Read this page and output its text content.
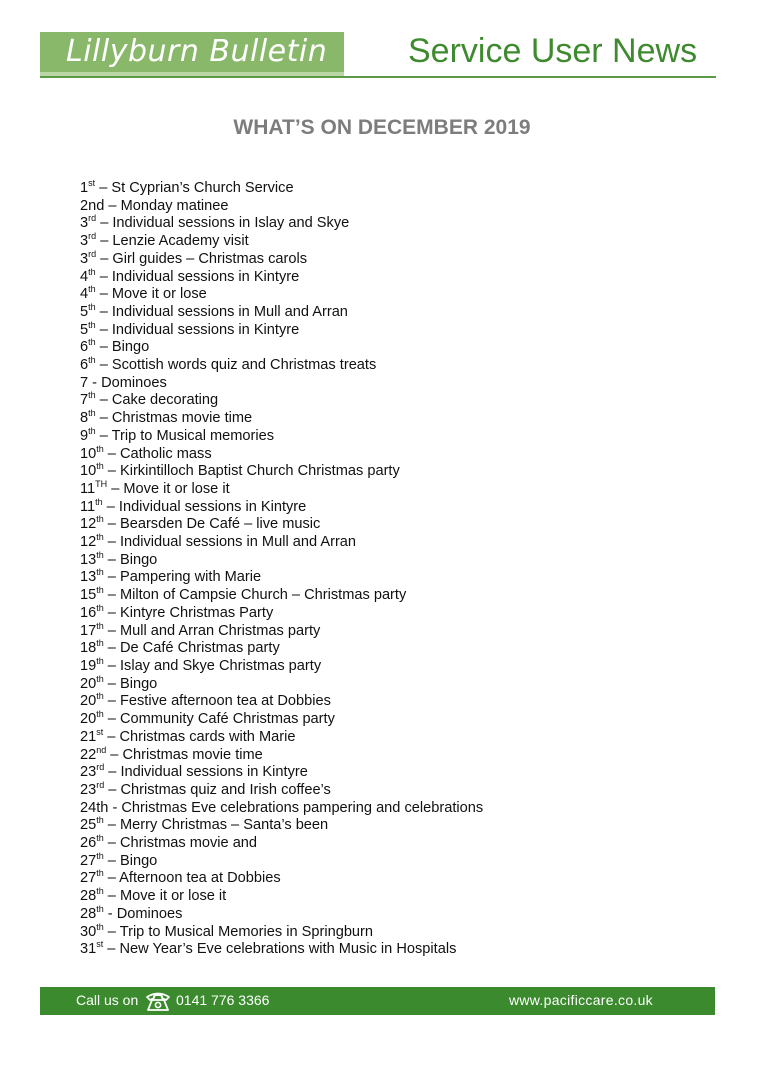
Lillyburn Bulletin Service User News
WHAT’S ON DECEMBER 2019
1st – St Cyprian’s Church Service
2nd – Monday matinee
3rd – Individual sessions in Islay and Skye
3rd – Lenzie Academy visit
3rd – Girl guides – Christmas carols
4th – Individual sessions in Kintyre
4th – Move it or lose
5th – Individual sessions in Mull and Arran
5th – Individual sessions in Kintyre
6th – Bingo
6th – Scottish words quiz and Christmas treats
7 - Dominoes
7th – Cake decorating
8th – Christmas movie time
9th – Trip to Musical memories
10th – Catholic mass
10th – Kirkintilloch Baptist Church Christmas party
11TH – Move it or lose it
11th – Individual sessions in Kintyre
12th – Bearsden De Café – live music
12th – Individual sessions in Mull and Arran
13th – Bingo
13th – Pampering with Marie
15th – Milton of Campsie Church – Christmas party
16th – Kintyre Christmas Party
17th – Mull and Arran Christmas party
18th – De Café Christmas party
19th – Islay and Skye Christmas party
20th – Bingo
20th – Festive afternoon tea at Dobbies
20th – Community Café Christmas party
21st – Christmas cards with Marie
22nd – Christmas movie time
23rd – Individual sessions in Kintyre
23rd – Christmas quiz and Irish coffee’s
24th - Christmas Eve celebrations pampering and celebrations
25th – Merry Christmas – Santa’s been
26th – Christmas movie and
27th – Bingo
27th – Afternoon tea at Dobbies
28th – Move it or lose it
28th - Dominoes
30th – Trip to Musical Memories in Springburn
31st – New Year’s Eve celebrations with Music in Hospitals
Call us on	0141 776 3366	www.pacificcare.co.uk
